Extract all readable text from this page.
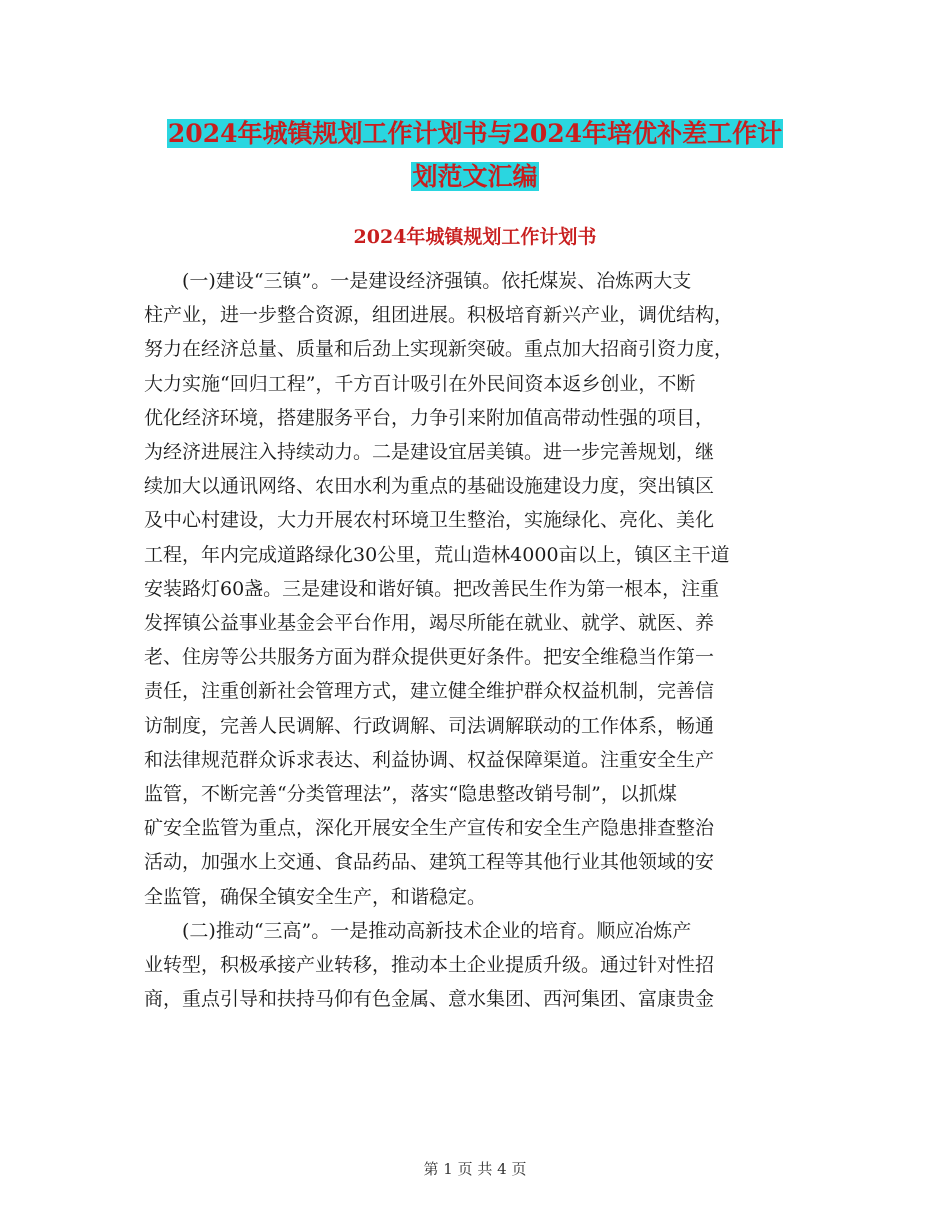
2024年城镇规划工作计划书与2024年培优补差工作计
划范文汇编
2024年城镇规划工作计划书
　　(一)建设“三镇”。一是建设经济强镇。依托煤炭、冶炼两大支
柱产业，进一步整合资源，组团进展。积极培育新兴产业，调优结构，
努力在经济总量、质量和后劲上实现新突破。重点加大招商引资力度，
大力实施“回归工程”，千方百计吸引在外民间资本返乡创业，不断
优化经济环境，搭建服务平台，力争引来附加值高带动性强的项目，
为经济进展注入持续动力。二是建设宜居美镇。进一步完善规划，继
续加大以通讯网络、农田水利为重点的基础设施建设力度，突出镇区
及中心村建设，大力开展农村环境卫生整治，实施绿化、亮化、美化
工程，年内完成道路绿化30公里，荒山造林4000亩以上，镇区主干道
安装路灯60盏。三是建设和谐好镇。把改善民生作为第一根本，注重
发挥镇公益事业基金会平台作用，竭尽所能在就业、就学、就医、养
老、住房等公共服务方面为群众提供更好条件。把安全维稳当作第一
责任，注重创新社会管理方式，建立健全维护群众权益机制，完善信
访制度，完善人民调解、行政调解、司法调解联动的工作体系，畅通
和法律规范群众诉求表达、利益协调、权益保障渠道。注重安全生产
监管，不断完善“分类管理法”，落实“隐患整改销号制”，以抓煤
矿安全监管为重点，深化开展安全生产宣传和安全生产隐患排查整治
活动，加强水上交通、食品药品、建筑工程等其他行业其他领域的安
全监管，确保全镇安全生产，和谐稳定。
　　(二)推动“三高”。一是推动高新技术企业的培育。顺应冶炼产
业转型，积极承接产业转移，推动本土企业提质升级。通过针对性招
商，重点引导和扶持马仰有色金属、意水集团、西河集团、富康贵金
第 1 页 共 4 页
